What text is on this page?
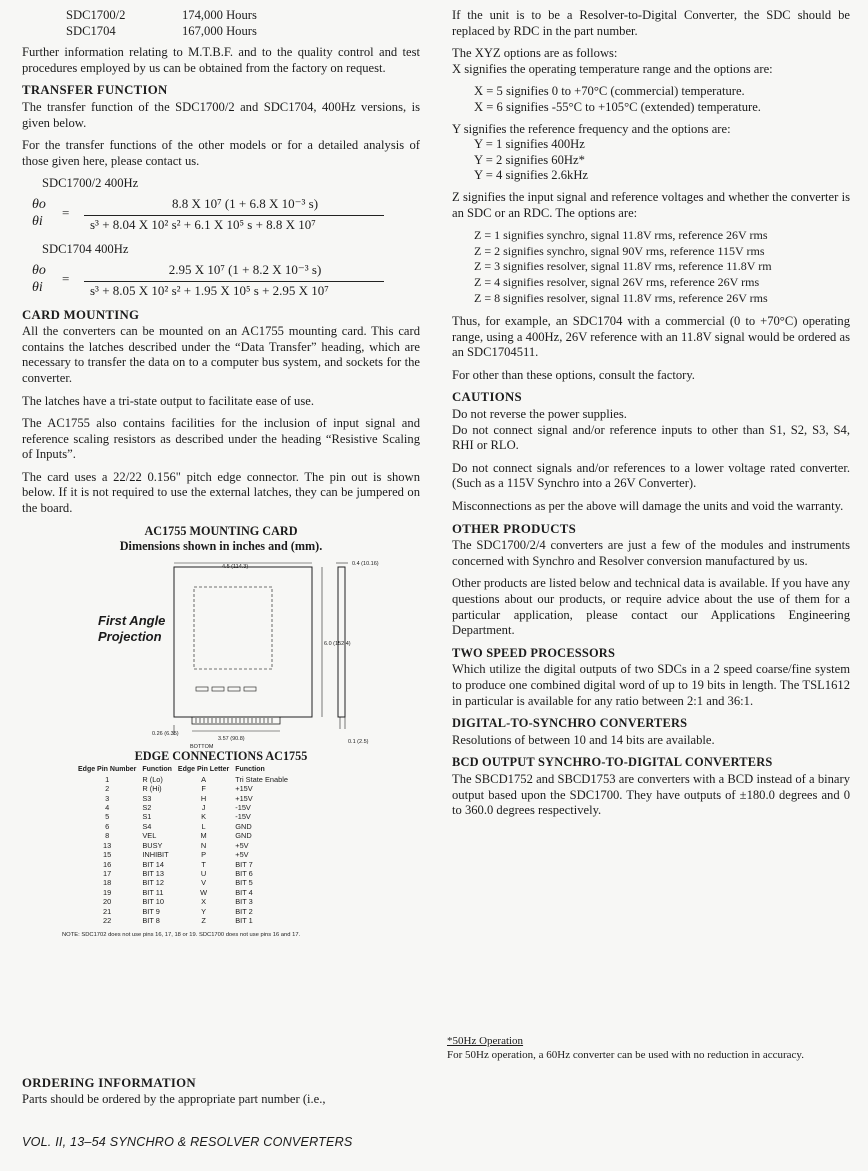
SDC1700/2	174,000 Hours
SDC1704	167,000 Hours

Further information relating to M.T.B.F. and to the quality control and test procedures employed by us can be obtained from the factory on request.

TRANSFER FUNCTION

The transfer function of the SDC1700/2 and SDC1704, 400Hz versions, is given below.

For the transfer functions of the other models or for a detailed analysis of those given here, please contact us.

SDC1700/2 400Hz
θo
θi
=
8.8 X 10⁷ (1 + 6.8 X 10⁻³ s)
s³ + 8.04 X 10² s² + 6.1 X 10⁵ s + 8.8 X 10⁷
SDC1704 400Hz
θo
θi
=
2.95 X 10⁷ (1 + 8.2 X 10⁻³ s)
s³ + 8.05 X 10² s² + 1.95 X 10⁵ s + 2.95 X 10⁷
CARD MOUNTING

All the converters can be mounted on an AC1755 mounting card. This card contains the latches described under the “Data Transfer” heading, which are necessary to transfer the data on to a computer bus system, and sockets for the converter.

The latches have a tri-state output to facilitate ease of use.

The AC1755 also contains facilities for the inclusion of input signal and reference scaling resistors as described under the heading “Resistive Scaling of Inputs”.

The card uses a 22/22 0.156" pitch edge connector. The pin out is shown below. If it is not required to use the external latches, they can be jumpered on the board.

AC1755 MOUNTING CARD
Dimensions shown in inches and (mm).
First Angle
Projection
4.5 (114.3)	0.4 (10.16)
6.0 (152.4)
3.57 (90.8)
0.26 (6.35)
BOTTOM
0.1 (2.5)
EDGE CONNECTIONS AC1755
Edge Pin Number	Function	Edge Pin Letter	Function
1	R (Lo)	A	Tri State Enable
2	R (Hi)	F	+15V
3	S3	H	+15V
4	S2	J	-15V
5	S1	K	-15V
6	S4	L	GND
8	VEL	M	GND
13	BUSY	N	+5V
15	INHIBIT	P	+5V
16	BIT 14	T	BIT 7
17	BIT 13	U	BIT 6
18	BIT 12	V	BIT 5
19	BIT 11	W	BIT 4
20	BIT 10	X	BIT 3
21	BIT 9	Y	BIT 2
22	BIT 8	Z	BIT 1
NOTE: SDC1702 does not use pins 16, 17, 18 or 19. SDC1700 does not use pins 16 and 17.
ORDERING INFORMATION

Parts should be ordered by the appropriate part number (i.e.,

If the unit is to be a Resolver-to-Digital Converter, the SDC should be replaced by RDC in the part number.

The XYZ options are as follows:

X signifies the operating temperature range and the options are:

X = 5 signifies 0 to +70°C (commercial) temperature.
X = 6 signifies -55°C to +105°C (extended) temperature.
Y signifies the reference frequency and the options are:
Y = 1 signifies 400Hz
Y = 2 signifies 60Hz*
Y = 4 signifies 2.6kHz

Z signifies the input signal and reference voltages and whether the converter is an SDC or an RDC. The options are:

Z = 1 signifies synchro, signal 11.8V rms, reference 26V rms
Z = 2 signifies synchro, signal 90V rms, reference 115V rms
Z = 3 signifies resolver, signal 11.8V rms, reference 11.8V rm
Z = 4 signifies resolver, signal 26V rms, reference 26V rms
Z = 8 signifies resolver, signal 11.8V rms, reference 26V rms

Thus, for example, an SDC1704 with a commercial (0 to +70°C) operating range, using a 400Hz, 26V reference with an 11.8V signal would be ordered as an SDC1704511.

For other than these options, consult the factory.

CAUTIONS
Do not reverse the power supplies.

Do not connect signal and/or reference inputs to other than S1, S2, S3, S4, RHI or RLO.

Do not connect signals and/or references to a lower voltage rated converter. (Such as a 115V Synchro into a 26V Converter).

Misconnections as per the above will damage the units and void the warranty.

OTHER PRODUCTS

The SDC1700/2/4 converters are just a few of the modules and instruments concerned with Synchro and Resolver conversion manufactured by us.

Other products are listed below and technical data is available. If you have any questions about our products, or require advice about the use of them for a particular application, please contact our Applications Engineering Department.

TWO SPEED PROCESSORS

Which utilize the digital outputs of two SDCs in a 2 speed coarse/fine system to produce one combined digital word of up to 19 bits in length. The TSL1612 in particular is available for any ratio between 2:1 and 36:1.

DIGITAL-TO-SYNCHRO CONVERTERS

Resolutions of between 10 and 14 bits are available.

BCD OUTPUT SYNCHRO-TO-DIGITAL CONVERTERS

The SBCD1752 and SBCD1753 are converters with a BCD instead of a binary output based upon the SDC1700. They have outputs of ±180.0 degrees and 0 to 360.0 degrees respectively.

*50Hz Operation
For 50Hz operation, a 60Hz converter can be used with no reduction in accuracy.
VOL. II, 13–54 SYNCHRO & RESOLVER CONVERTERS
